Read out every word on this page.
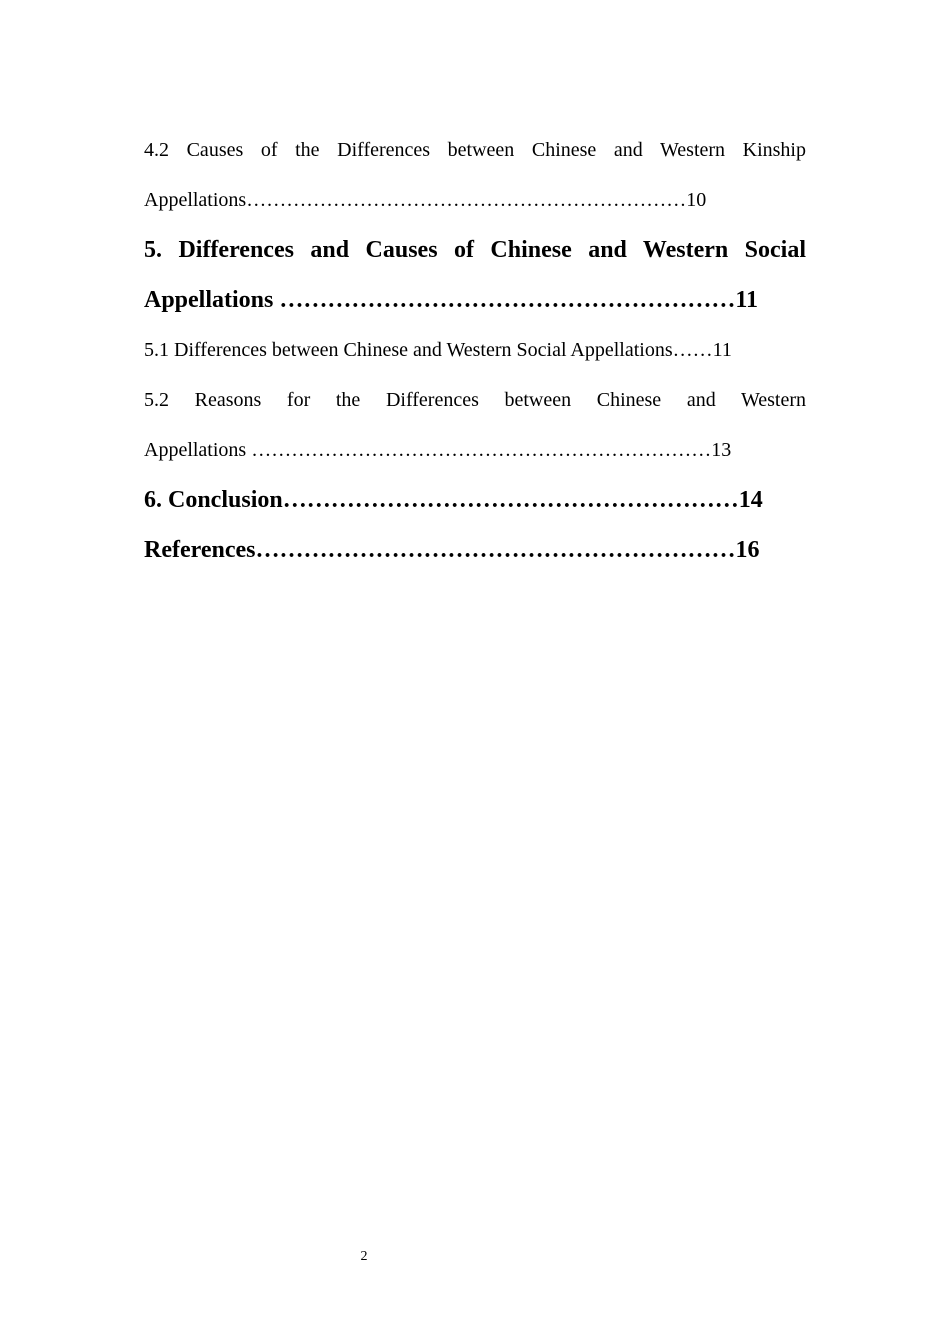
4.2 Causes of the Differences between Chinese and Western Kinship
Appellations…………………………………………………………10
5. Differences and Causes of Chinese and Western Social
Appellations …………………………………………………11
5.1 Differences between Chinese and Western Social Appellations……11
5.2 Reasons for the Differences between Chinese and Western
Appellations ……………………………………………………………13
6. Conclusion…………………………………………………14
References……………………………………………………16
2
